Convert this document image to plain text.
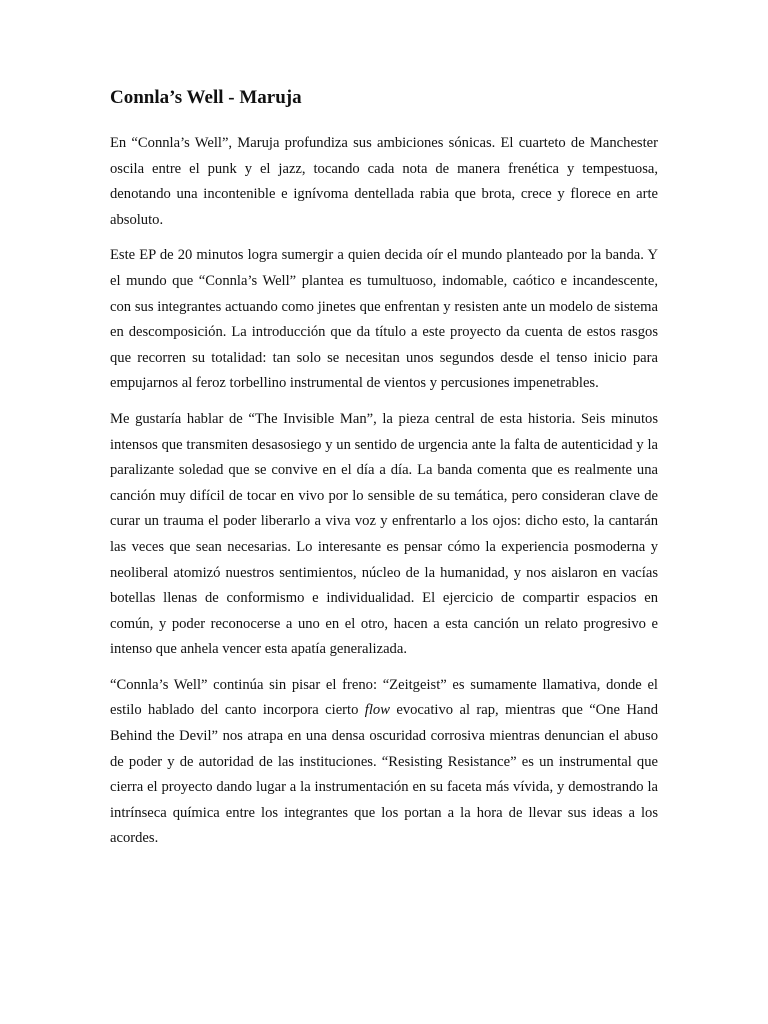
Connla’s Well - Maruja

En “Connla’s Well”, Maruja profundiza sus ambiciones sónicas. El cuarteto de Manchester oscila entre el punk y el jazz, tocando cada nota de manera frenética y tempestuosa, denotando una incontenible e ignívoma dentellada rabia que brota, crece y florece en arte absoluto.

Este EP de 20 minutos logra sumergir a quien decida oír el mundo planteado por la banda. Y el mundo que “Connla’s Well” plantea es tumultuoso, indomable, caótico e incandescente, con sus integrantes actuando como jinetes que enfrentan y resisten ante un modelo de sistema en descomposición. La introducción que da título a este proyecto da cuenta de estos rasgos que recorren su totalidad: tan solo se necesitan unos segundos desde el tenso inicio para empujarnos al feroz torbellino instrumental de vientos y percusiones impenetrables.

Me gustaría hablar de “The Invisible Man”, la pieza central de esta historia. Seis minutos intensos que transmiten desasosiego y un sentido de urgencia ante la falta de autenticidad y la paralizante soledad que se convive en el día a día. La banda comenta que es realmente una canción muy difícil de tocar en vivo por lo sensible de su temática, pero consideran clave de curar un trauma el poder liberarlo a viva voz y enfrentarlo a los ojos: dicho esto, la cantarán las veces que sean necesarias. Lo interesante es pensar cómo la experiencia posmoderna y neoliberal atomizó nuestros sentimientos, núcleo de la humanidad, y nos aislaron en vacías botellas llenas de conformismo e individualidad. El ejercicio de compartir espacios en común, y poder reconocerse a uno en el otro, hacen a esta canción un relato progresivo e intenso que anhela vencer esta apatía generalizada.

“Connla’s Well” continúa sin pisar el freno: “Zeitgeist” es sumamente llamativa, donde el estilo hablado del canto incorpora cierto flow evocativo al rap, mientras que “One Hand Behind the Devil” nos atrapa en una densa oscuridad corrosiva mientras denuncian el abuso de poder y de autoridad de las instituciones. “Resisting Resistance” es un instrumental que cierra el proyecto dando lugar a la instrumentación en su faceta más vívida, y demostrando la intrínseca química entre los integrantes que los portan a la hora de llevar sus ideas a los acordes.
